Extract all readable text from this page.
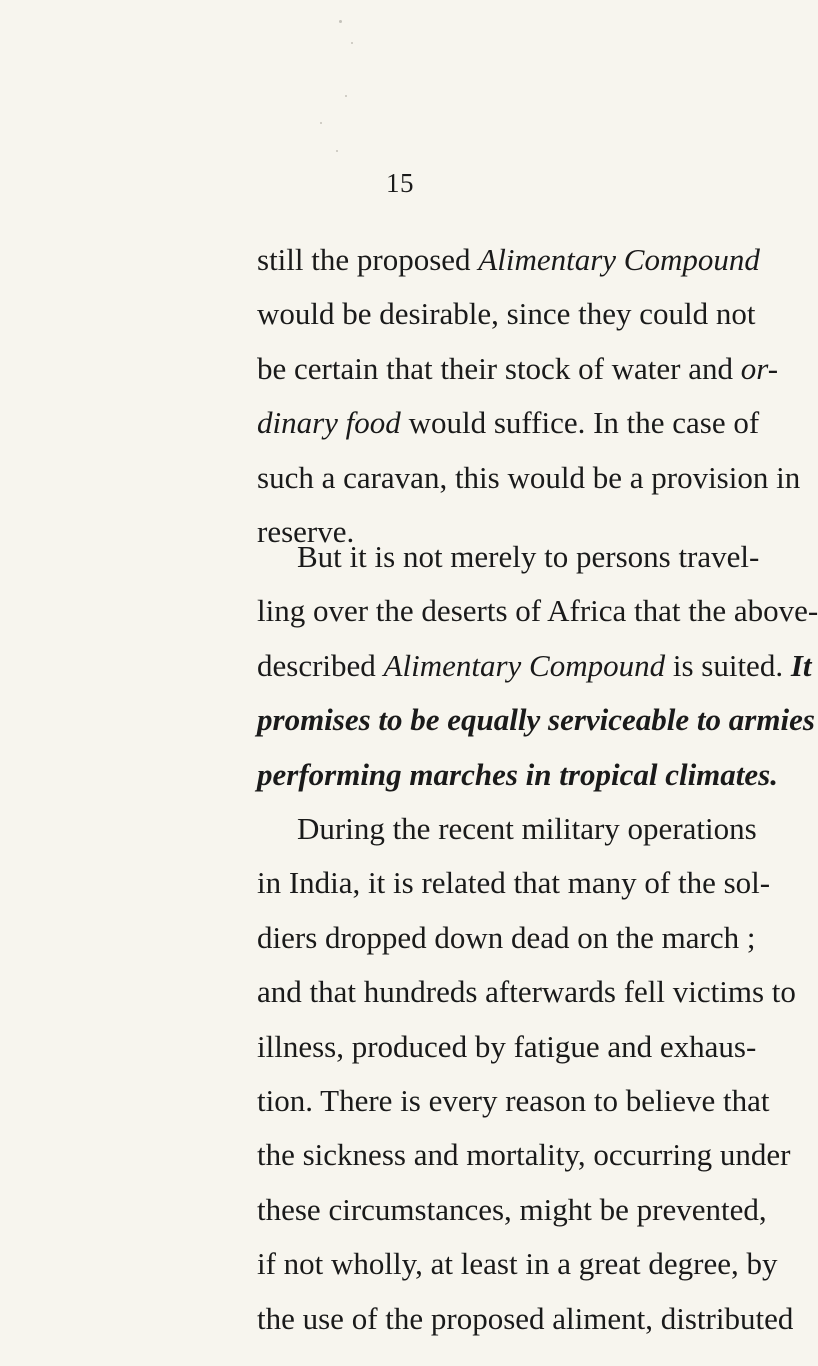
15
still the proposed Alimentary Compound
would be desirable, since they could not
be certain that their stock of water and or-
dinary food would suffice. In the case of
such a caravan, this would be a provision in
reserve.
But it is not merely to persons travel-
ling over the deserts of Africa that the above-
described Alimentary Compound is suited. It
promises to be equally serviceable to armies
performing marches in tropical climates.
During the recent military operations
in India, it is related that many of the sol-
diers dropped down dead on the march ;
and that hundreds afterwards fell victims to
illness, produced by fatigue and exhaus-
tion. There is every reason to believe that
the sickness and mortality, occurring under
these circumstances, might be prevented,
if not wholly, at least in a great degree, by
the use of the proposed aliment, distributed
